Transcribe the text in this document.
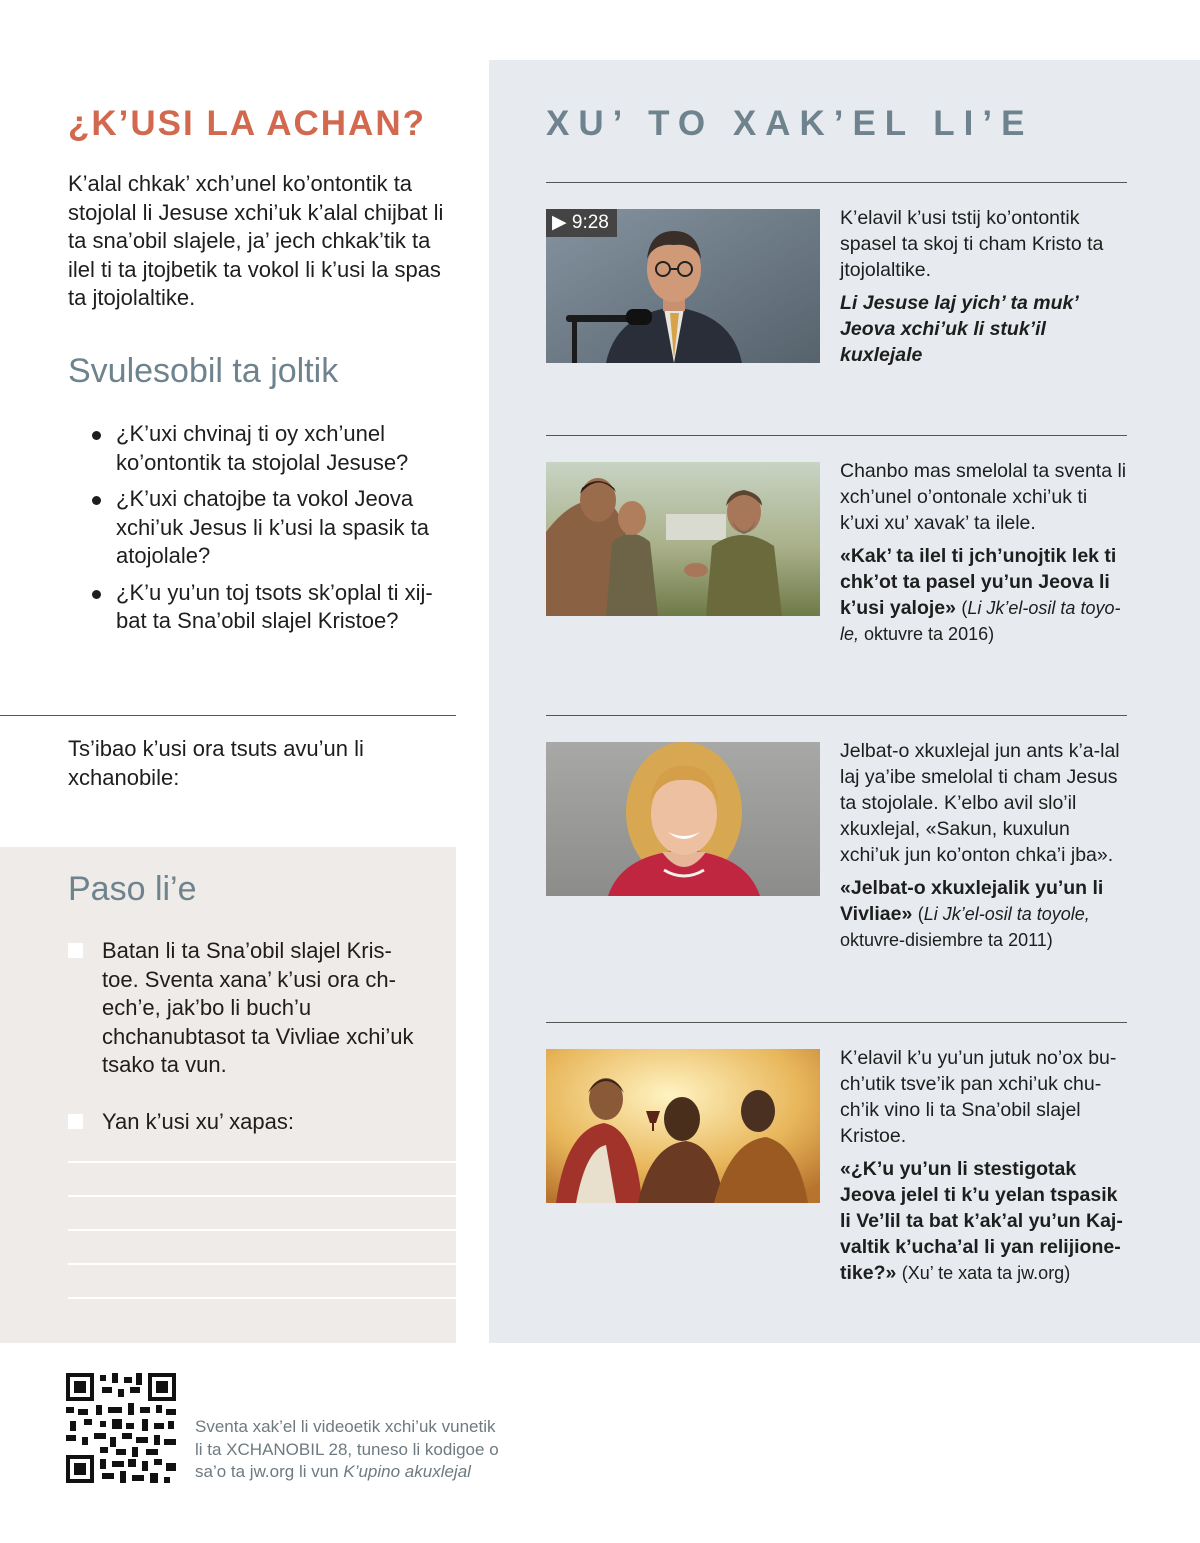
¿K’USI LA ACHAN?

K’alal chkak’ xch’unel ko’ontontik ta stojolal li Jesuse xchi’uk k’alal chijbat li ta sna’obil slajele, ja’ jech chkak’tik ta ilel ti ta jtojbetik ta vokol li k’usi la spas ta jtojolaltike.

Svulesobil ta joltik
¿K’uxi chvinaj ti oy xch’unel ko’ontontik ta stojolal Jesuse?
¿K’uxi chatojbe ta vokol Jeova xchi’uk Jesus li k’usi la spasik ta atojolale?
¿K’u yu’un toj tsots sk’oplal ti xij-bat ta Sna’obil slajel Kristoe?

Ts’ibao k’usi ora tsuts avu’un li xchanobile:

Paso li’e
Batan li ta Sna’obil slajel Kris-toe. Sventa xana’ k’usi ora ch-ech’e, jak’bo li buch’u chchanubtasot ta Vivliae xchi’uk tsako ta vun.
Yan k’usi xu’ xapas:
XU’ TO XAK’EL LI’E
▶ 9:28	K’elavil k’usi tstij ko’ontontik spasel ta skoj ti cham Kristo ta jtojolaltike.

Li Jesuse laj yich’ ta muk’ Jeova xchi’uk li stuk’il kuxlejale

Chanbo mas smelolal ta sventa li xch’unel o’ontonale xchi’uk ti k’uxi xu’ xavak’ ta ilele.

«Kak’ ta ilel ti jch’unojtik lek ti chk’ot ta pasel yu’un Jeova li k’usi yaloje» (Li Jk’el-osil ta toyo-le, oktuvre ta 2016)

Jelbat-o xkuxlejal jun ants k’a-lal laj ya’ibe smelolal ti cham Jesus ta stojolale. K’elbo avil slo’il xkuxlejal, «Sakun, kuxulun xchi’uk jun ko’onton chka’i jba».

«Jelbat-o xkuxlejalik yu’un li Vivliae» (Li Jk’el-osil ta toyole, oktuvre-disiembre ta 2011)

K’elavil k’u yu’un jutuk no’ox bu-ch’utik tsve’ik pan xchi’uk chu-ch’ik vino li ta Sna’obil slajel Kristoe.

«¿K’u yu’un li stestigotak Jeova jelel ti k’u yelan tspasik li Ve’lil ta bat k’ak’al yu’un Kaj-valtik k’ucha’al li yan relijione-tike?» (Xu’ te xata ta jw.org)

Sventa xak’el li videoetik xchi’uk vunetik
li ta XCHANOBIL 28, tuneso li kodigoe o
sa’o ta jw.org li vun K’upino akuxlejal
